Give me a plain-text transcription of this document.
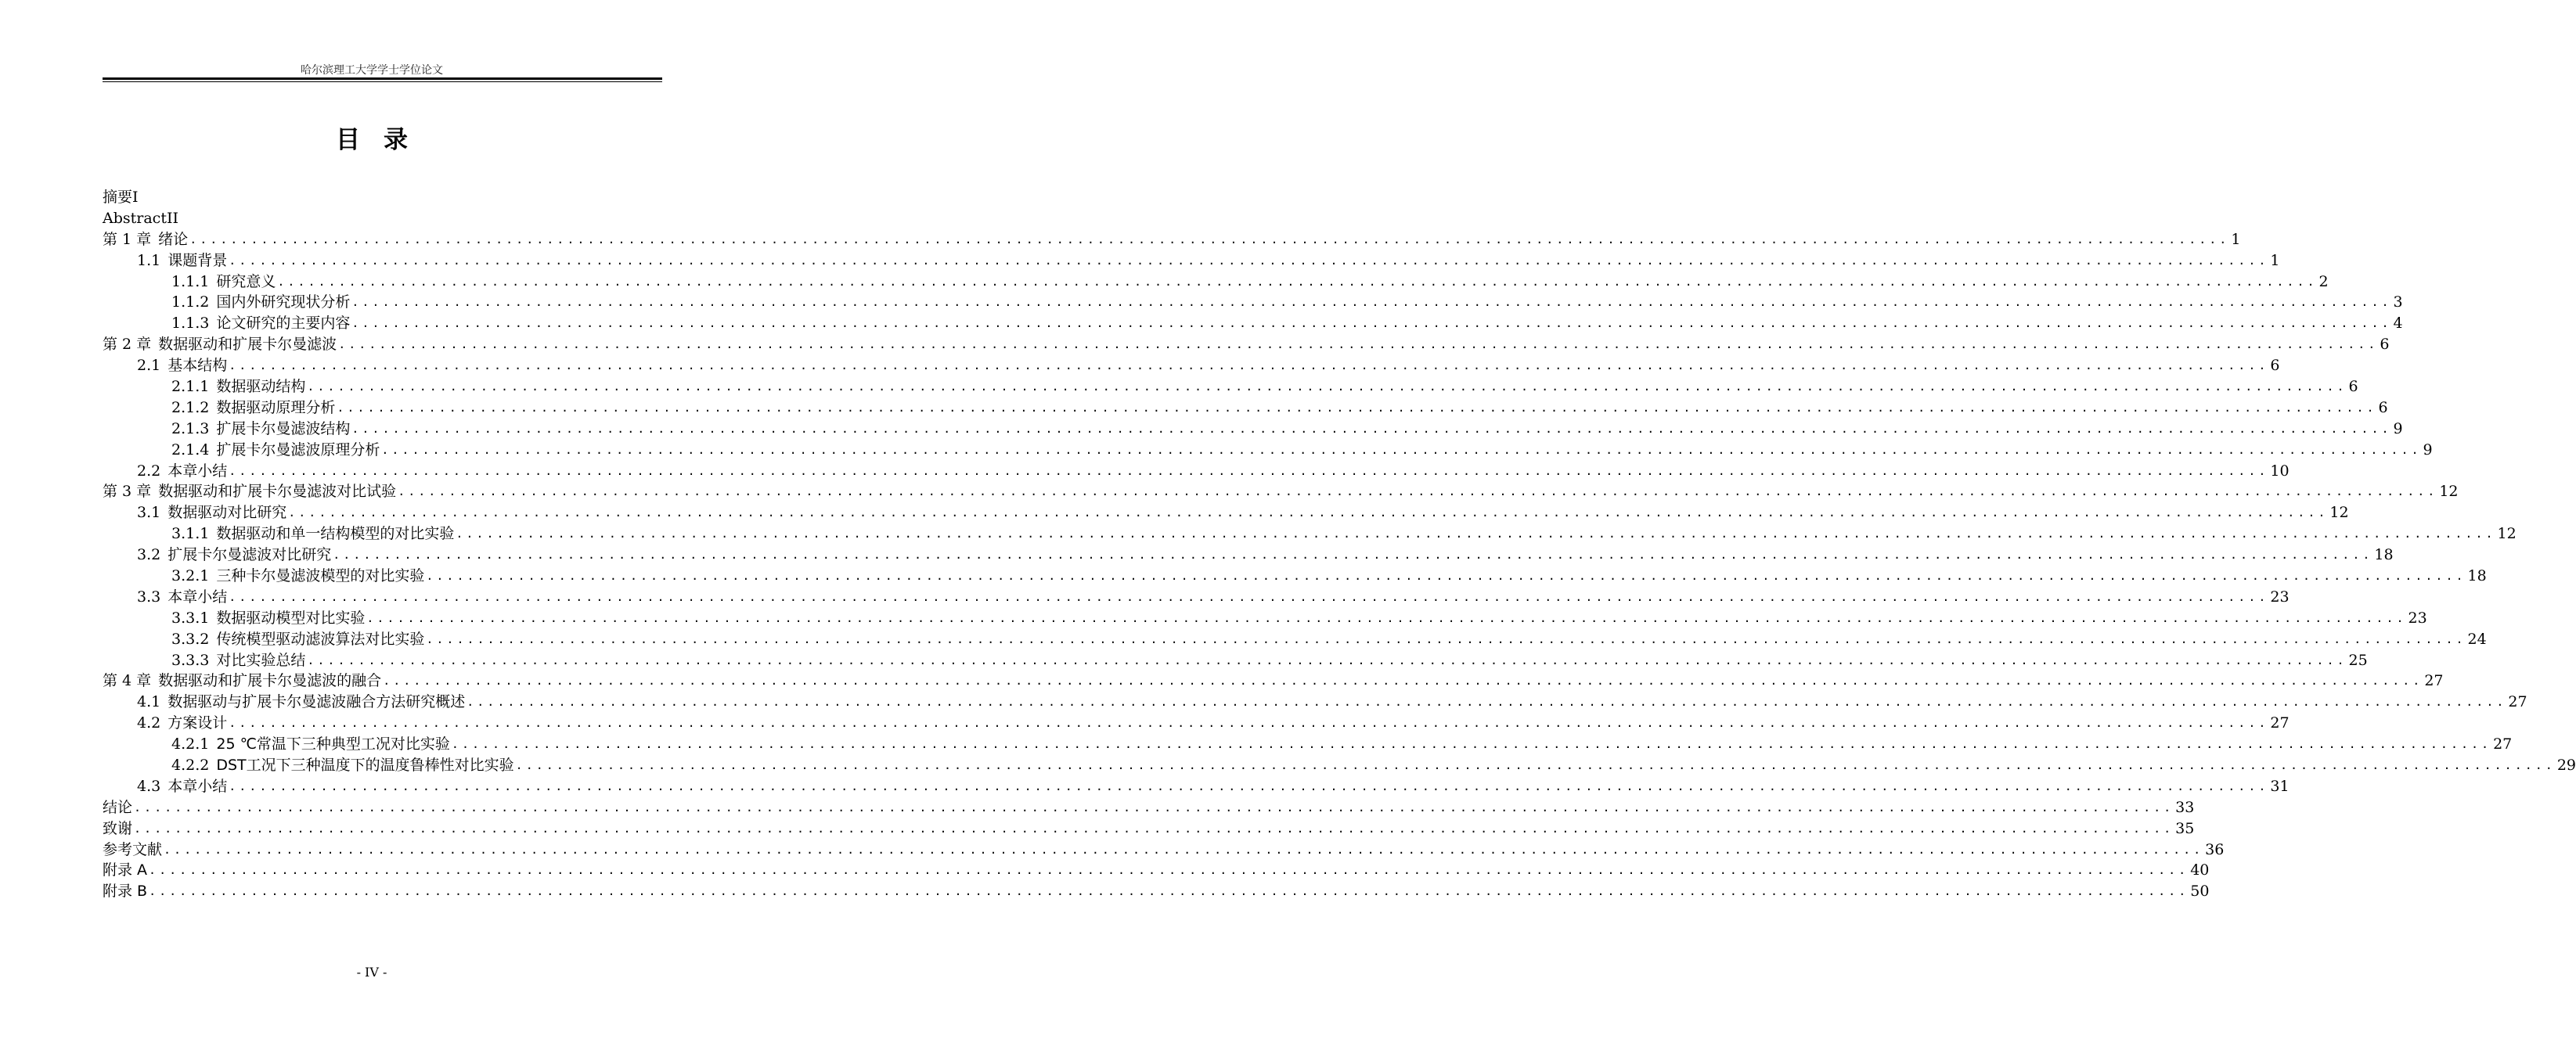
哈尔滨理工大学学士学位论文
目录
摘要I
AbstractII
第 1 章 绪论 ........................................................................................................................................................................................................ 1
1.1 课题背景 ........................................................................................................................................................................................................ 1
1.1.1 研究意义 ........................................................................................................................................................................................................ 2
1.1.2 国内外研究现状分析 ........................................................................................................................................................................................................ 3
1.1.3 论文研究的主要内容 ........................................................................................................................................................................................................ 4
第 2 章 数据驱动和扩展卡尔曼滤波 ........................................................................................................................................................................................................ 6
2.1 基本结构 ........................................................................................................................................................................................................ 6
2.1.1 数据驱动结构 ........................................................................................................................................................................................................ 6
2.1.2 数据驱动原理分析 ........................................................................................................................................................................................................ 6
2.1.3 扩展卡尔曼滤波结构 ........................................................................................................................................................................................................ 9
2.1.4 扩展卡尔曼滤波原理分析 ........................................................................................................................................................................................................ 9
2.2 本章小结 ........................................................................................................................................................................................................ 10
第 3 章 数据驱动和扩展卡尔曼滤波对比试验 ........................................................................................................................................................................................................ 12
3.1 数据驱动对比研究 ........................................................................................................................................................................................................ 12
3.1.1 数据驱动和单一结构模型的对比实验 ........................................................................................................................................................................................................ 12
3.2 扩展卡尔曼滤波对比研究 ........................................................................................................................................................................................................ 18
3.2.1 三种卡尔曼滤波模型的对比实验 ........................................................................................................................................................................................................ 18
3.3 本章小结 ........................................................................................................................................................................................................ 23
3.3.1 数据驱动模型对比实验 ........................................................................................................................................................................................................ 23
3.3.2 传统模型驱动滤波算法对比实验 ........................................................................................................................................................................................................ 24
3.3.3 对比实验总结 ........................................................................................................................................................................................................ 25
第 4 章 数据驱动和扩展卡尔曼滤波的融合 ........................................................................................................................................................................................................ 27
4.1 数据驱动与扩展卡尔曼滤波融合方法研究概述 ........................................................................................................................................................................................................ 27
4.2 方案设计 ........................................................................................................................................................................................................ 27
4.2.1 25 ℃常温下三种典型工况对比实验 ........................................................................................................................................................................................................ 27
4.2.2 DST工况下三种温度下的温度鲁棒性对比实验 ........................................................................................................................................................................................................ 29
4.3 本章小结 ........................................................................................................................................................................................................ 31
结论 ........................................................................................................................................................................................................ 33
致谢 ........................................................................................................................................................................................................ 35
参考文献 ........................................................................................................................................................................................................ 36
附录 A ........................................................................................................................................................................................................ 40
附录 B ........................................................................................................................................................................................................ 50
- IV -
